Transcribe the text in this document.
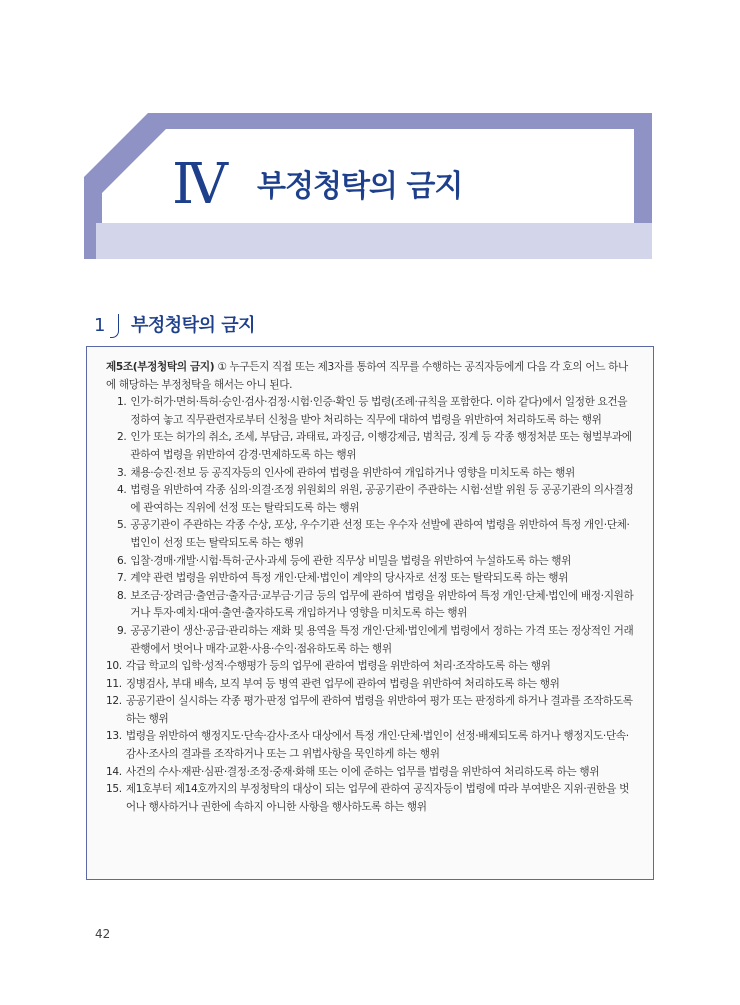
Ⅳ 부정청탁의 금지
1	부정청탁의 금지

제5조(부정청탁의 금지) ① 누구든지 직접 또는 제3자를 통하여 직무를 수행하는 공직자등에게 다음 각 호의 어느 하나에 해당하는 부정청탁을 해서는 아니 된다.

1. 인가·허가·면허·특허·승인·검사·검정·시험·인증·확인 등 법령(조례·규칙을 포함한다. 이하 같다)에서 일정한 요건을 정하여 놓고 직무관련자로부터 신청을 받아 처리하는 직무에 대하여 법령을 위반하여 처리하도록 하는 행위
2. 인가 또는 허가의 취소, 조세, 부담금, 과태료, 과징금, 이행강제금, 범칙금, 징계 등 각종 행정처분 또는 형벌부과에 관하여 법령을 위반하여 감경·면제하도록 하는 행위
3. 채용·승진·전보 등 공직자등의 인사에 관하여 법령을 위반하여 개입하거나 영향을 미치도록 하는 행위
4. 법령을 위반하여 각종 심의·의결·조정 위원회의 위원, 공공기관이 주관하는 시험·선발 위원 등 공공기관의 의사결정에 관여하는 직위에 선정 또는 탈락되도록 하는 행위
5. 공공기관이 주관하는 각종 수상, 포상, 우수기관 선정 또는 우수자 선발에 관하여 법령을 위반하여 특정 개인·단체·법인이 선정 또는 탈락되도록 하는 행위
6. 입찰·경매·개발·시험·특허·군사·과세 등에 관한 직무상 비밀을 법령을 위반하여 누설하도록 하는 행위
7. 계약 관련 법령을 위반하여 특정 개인·단체·법인이 계약의 당사자로 선정 또는 탈락되도록 하는 행위
8. 보조금·장려금·출연금·출자금·교부금·기금 등의 업무에 관하여 법령을 위반하여 특정 개인·단체·법인에 배정·지원하거나 투자·예치·대여·출연·출자하도록 개입하거나 영향을 미치도록 하는 행위
9. 공공기관이 생산·공급·관리하는 재화 및 용역을 특정 개인·단체·법인에게 법령에서 정하는 가격 또는 정상적인 거래관행에서 벗어나 매각·교환·사용·수익·점유하도록 하는 행위
10. 각급 학교의 입학·성적·수행평가 등의 업무에 관하여 법령을 위반하여 처리·조작하도록 하는 행위
11. 징병검사, 부대 배속, 보직 부여 등 병역 관련 업무에 관하여 법령을 위반하여 처리하도록 하는 행위
12. 공공기관이 실시하는 각종 평가·판정 업무에 관하여 법령을 위반하여 평가 또는 판정하게 하거나 결과를 조작하도록 하는 행위
13. 법령을 위반하여 행정지도·단속·감사·조사 대상에서 특정 개인·단체·법인이 선정·배제되도록 하거나 행정지도·단속·감사·조사의 결과를 조작하거나 또는 그 위법사항을 묵인하게 하는 행위
14. 사건의 수사·재판·심판·결정·조정·중재·화해 또는 이에 준하는 업무를 법령을 위반하여 처리하도록 하는 행위
15. 제1호부터 제14호까지의 부정청탁의 대상이 되는 업무에 관하여 공직자등이 법령에 따라 부여받은 지위·권한을 벗어나 행사하거나 권한에 속하지 아니한 사항을 행사하도록 하는 행위
42
